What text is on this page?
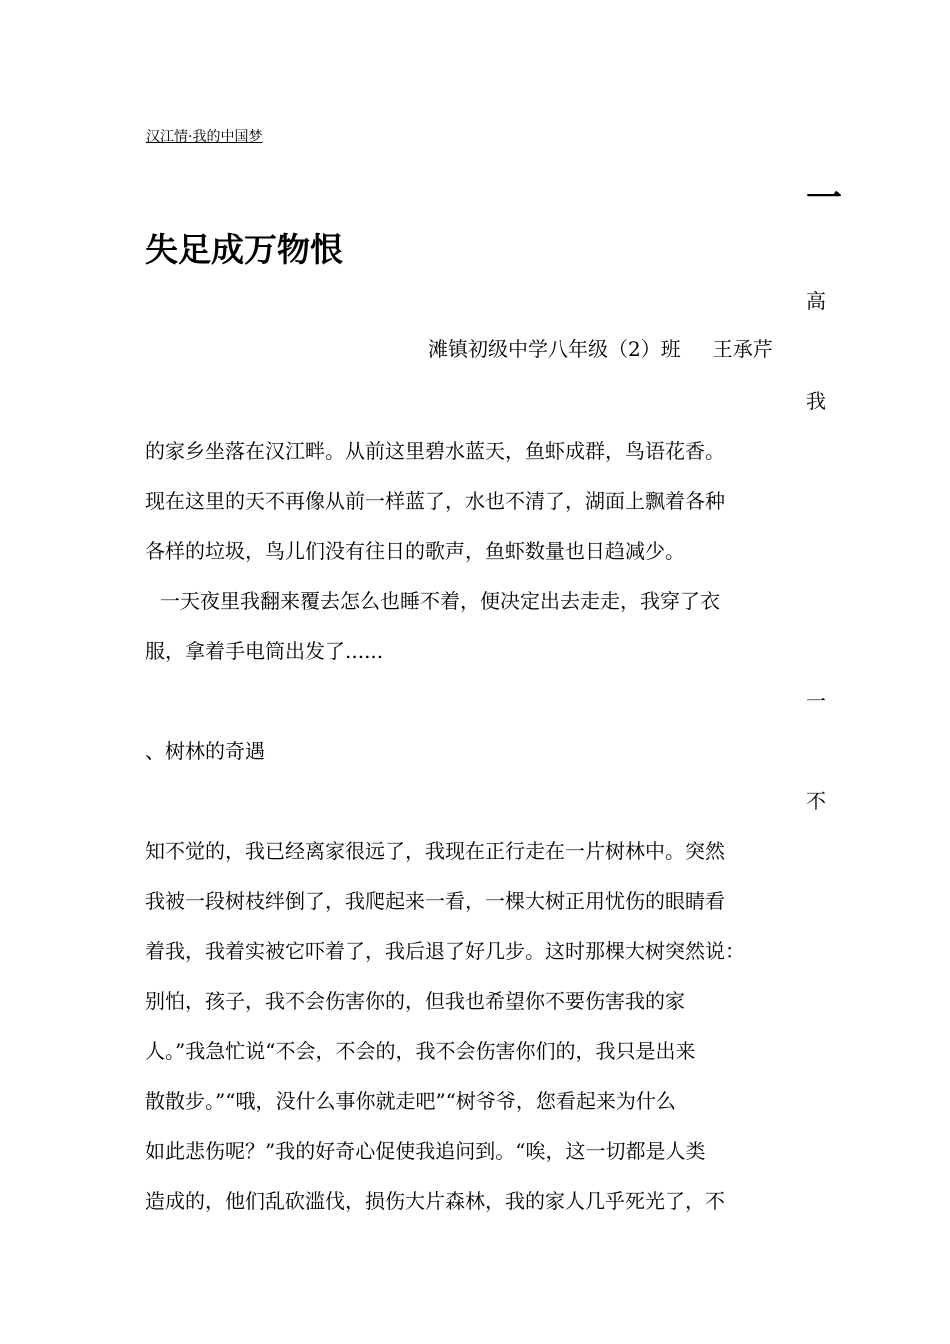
汉江情·我的中国梦
一
失足成万物恨
高
滩镇初级中学八年级（2）班 王承芹
我
的家乡坐落在汉江畔。从前这里碧水蓝天，鱼虾成群，鸟语花香。
现在这里的天不再像从前一样蓝了，水也不清了，湖面上飘着各种
各样的垃圾，鸟儿们没有往日的歌声，鱼虾数量也日趋减少。
一天夜里我翻来覆去怎么也睡不着，便决定出去走走，我穿了衣
服，拿着手电筒出发了......
一
、树林的奇遇
不
知不觉的，我已经离家很远了，我现在正行走在一片树林中。突然
我被一段树枝绊倒了，我爬起来一看，一棵大树正用忧伤的眼睛看
着我，我着实被它吓着了，我后退了好几步。这时那棵大树突然说：
别怕，孩子，我不会伤害你的，但我也希望你不要伤害我的家
人。”我急忙说“不会，不会的，我不会伤害你们的，我只是出来
散散步。”“哦，没什么事你就走吧”“树爷爷，您看起来为什么
如此悲伤呢？”我的好奇心促使我追问到。“唉，这一切都是人类
造成的，他们乱砍滥伐，损伤大片森林，我的家人几乎死光了，不
